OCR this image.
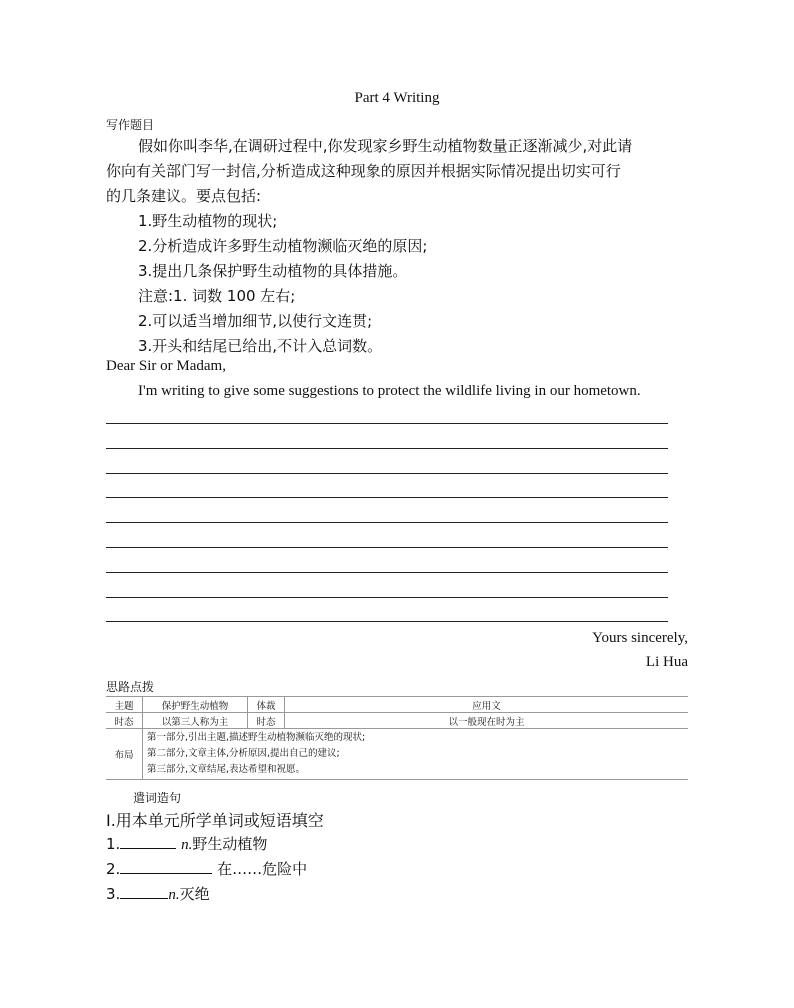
Part 4 Writing
写作题目
假如你叫李华,在调研过程中,你发现家乡野生动植物数量正逐渐减少,对此请
你向有关部门写一封信,分析造成这种现象的原因并根据实际情况提出切实可行
的几条建议。要点包括:
1.野生动植物的现状;
2.分析造成许多野生动植物濒临灭绝的原因;
3.提出几条保护野生动植物的具体措施。
注意:1. 词数 100 左右;
2.可以适当增加细节,以使行文连贯;
3.开头和结尾已给出,不计入总词数。
Dear Sir or Madam,
I'm writing to give some suggestions to protect the wildlife living in our hometown.
Yours sincerely,
Li Hua
思路点拨
主题	保护野生动植物	体裁	应用文
时态	以第三人称为主	时态	以一般现在时为主
布局	第一部分,引出主题,描述野生动植物濒临灭绝的现状;
第二部分,文章主体,分析原因,提出自己的建议;
第三部分,文章结尾,表达希望和祝愿。		
遣词造句
Ⅰ.用本单元所学单词或短语填空
1.	n.野生动植物
2.	在……危险中
3.	n.灭绝
